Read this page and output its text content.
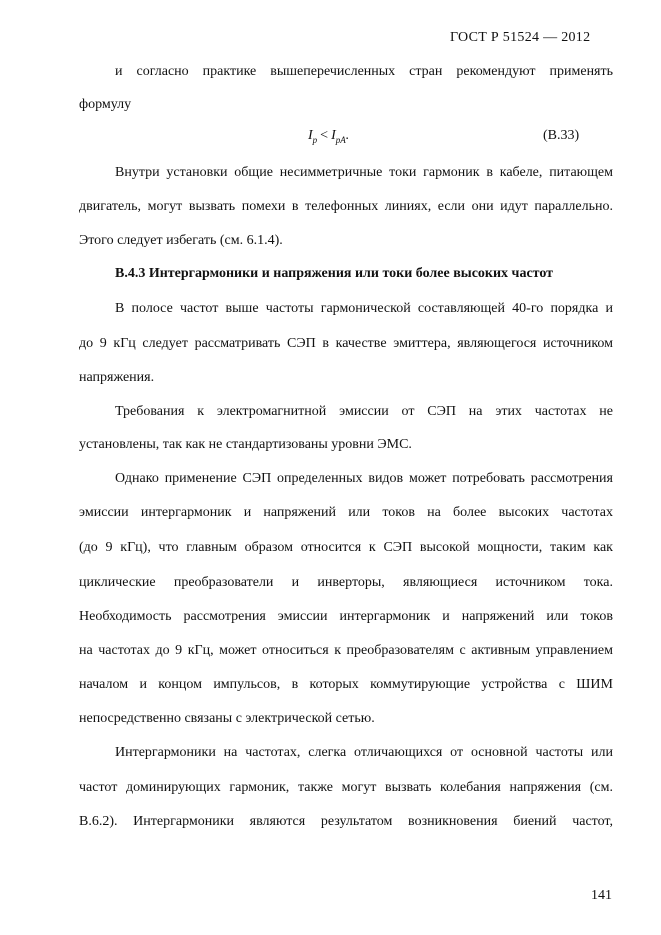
ГОСТ Р 51524 — 2012
и согласно практике вышеперечисленных стран рекомендуют применять
формулу
$I_p < I_{pA}$.	(В.33)
Внутри установки общие несимметричные токи гармоник в кабеле, питающем
двигатель, могут вызвать помехи в телефонных линиях, если они идут параллельно.
Этого следует избегать (см. 6.1.4).
В.4.3 Интергармоники и напряжения или токи более высоких частот
В полосе частот выше частоты гармонической составляющей 40-го порядка и
до 9 кГц следует рассматривать СЭП в качестве эмиттера, являющегося источником
напряжения.
Требования к электромагнитной эмиссии от СЭП на этих частотах не
установлены, так как не стандартизованы уровни ЭМС.
Однако применение СЭП определенных видов может потребовать рассмотрения
эмиссии интергармоник и напряжений или токов на более высоких частотах
(до 9 кГц), что главным образом относится к СЭП высокой мощности, таким как
циклические преобразователи и инверторы, являющиеся источником тока.
Необходимость рассмотрения эмиссии интергармоник и напряжений или токов
на частотах до 9 кГц, может относиться к преобразователям с активным управлением
началом и концом импульсов, в которых коммутирующие устройства с ШИМ
непосредственно связаны с электрической сетью.
Интергармоники на частотах, слегка отличающихся от основной частоты или
частот доминирующих гармоник, также могут вызвать колебания напряжения (см.
В.6.2). Интергармоники являются результатом возникновения биений частот,
141
